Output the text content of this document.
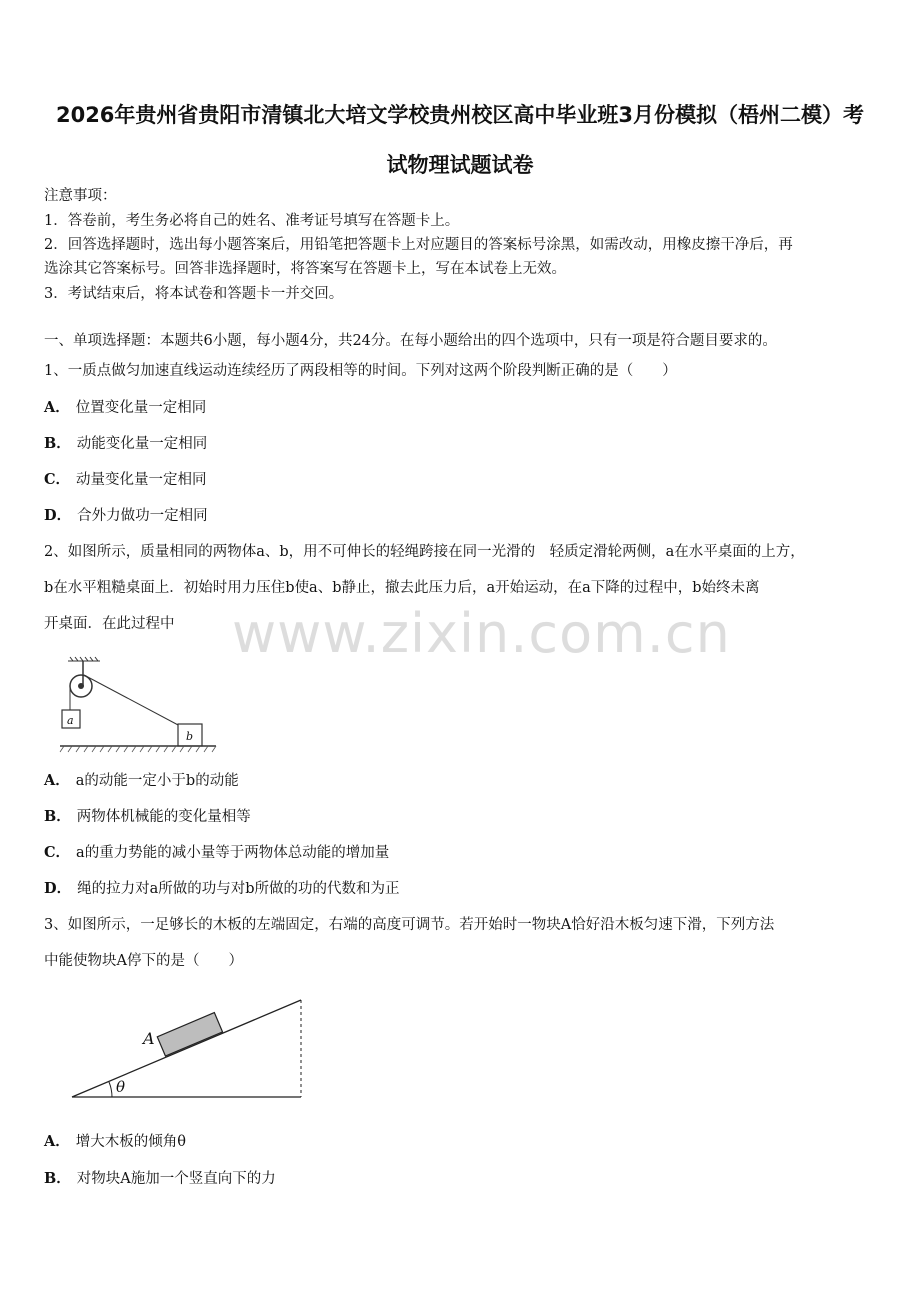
2026年贵州省贵阳市清镇北大培文学校贵州校区高中毕业班3月份模拟（梧州二模）考
试物理试题试卷
注意事项：
1．答卷前，考生务必将自己的姓名、准考证号填写在答题卡上。
2．回答选择题时，选出每小题答案后，用铅笔把答题卡上对应题目的答案标号涂黑，如需改动，用橡皮擦干净后，再
选涂其它答案标号。回答非选择题时，将答案写在答题卡上，写在本试卷上无效。
3．考试结束后，将本试卷和答题卡一并交回。
一、单项选择题：本题共6小题，每小题4分，共24分。在每小题给出的四个选项中，只有一项是符合题目要求的。
1、一质点做匀加速直线运动连续经历了两段相等的时间。下列对这两个阶段判断正确的是（　　）
A． 位置变化量一定相同
B． 动能变化量一定相同
C． 动量变化量一定相同
D． 合外力做功一定相同
2、如图所示，质量相同的两物体a、b，用不可伸长的轻绳跨接在同一光滑的　轻质定滑轮两侧，a在水平桌面的上方，
b在水平粗糙桌面上．初始时用力压住b使a、b静止，撤去此压力后，a开始运动，在a下降的过程中，b始终未离
开桌面．在此过程中
a
b
A． a的动能一定小于b的动能
B． 两物体机械能的变化量相等
C． a的重力势能的减小量等于两物体总动能的增加量
D． 绳的拉力对a所做的功与对b所做的功的代数和为正
3、如图所示，一足够长的木板的左端固定，右端的高度可调节。若开始时一物块A恰好沿木板匀速下滑，下列方法
中能使物块A停下的是（　　）
θ
A
A． 增大木板的倾角θ
B． 对物块A施加一个竖直向下的力
www.zixin.com.cn
